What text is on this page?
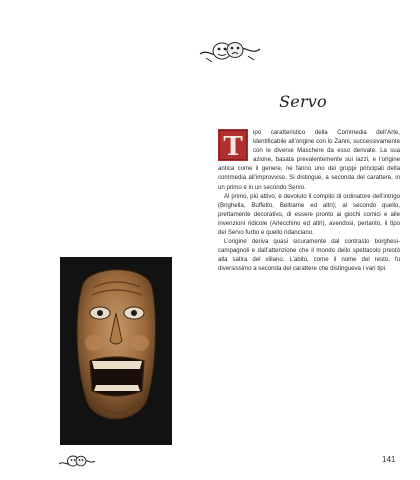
Servo
T	ipo caratteristico della Commedia dell’Arte, identificabile all’origine con lo Zanni, successivamente con le diverse Maschere da esso derivate. La sua azione, basata prevalentemente sui lazzi, e l’origine antica come il genere, ne fanno uno dei gruppi principali della commedia all’improvviso. Si distingue, a seconda del carattere, in un primo e in un secondo Servo.

Al primo, più attivo, è devoluto il compito di ordinatore dell’intrigo (Brighella, Buffetto, Beltrame ed altri); al secondo quello, prettamente decorativo, di essere pronto ai giochi comici e alle invenzioni ridicole (Arlecchino ed altri), avendosi, pertanto, il tipo del Servo furbo e quello ridanciano.

L’origine deriva quasi sicuramente dal contrasto borghesi-campagnoli e dall’attenzione che il mondo dello spettacolo prestò alla satira del villano. L’abito, come il nome del resto, fu diversissimo a seconda del carattere che distingueva i vari tipi.

141
